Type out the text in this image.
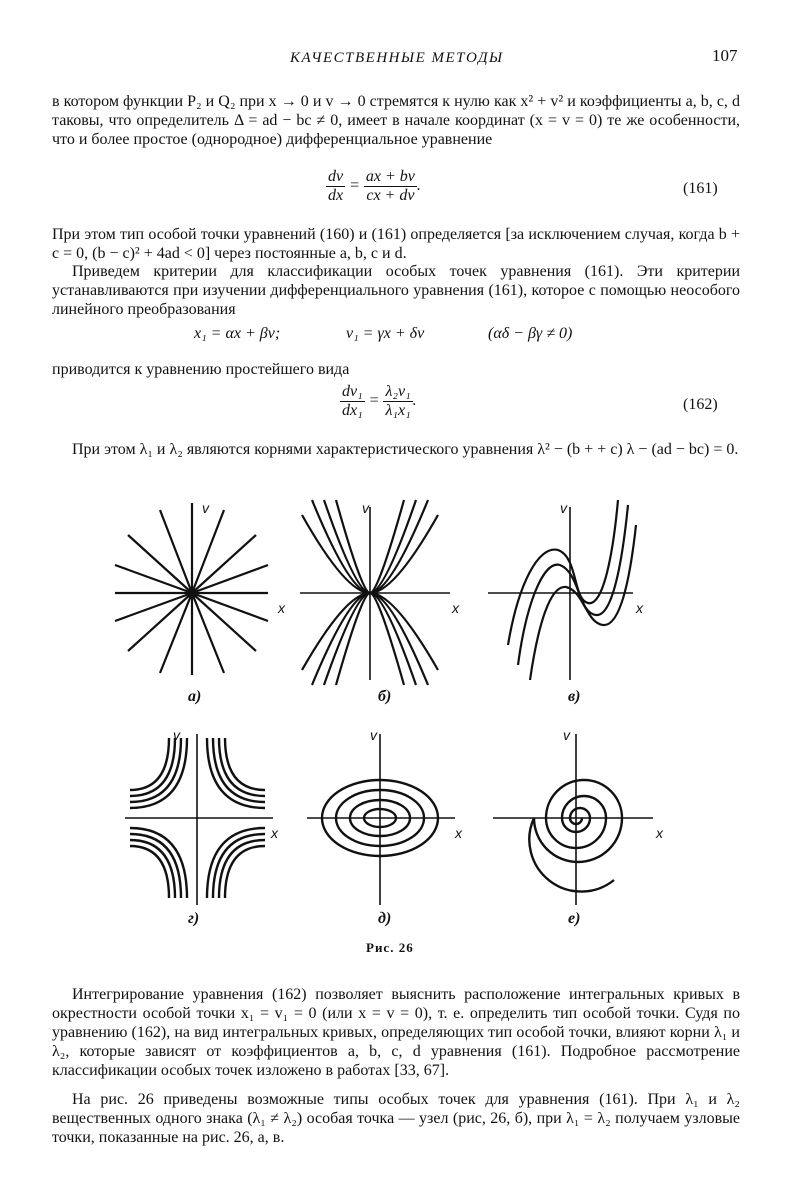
КАЧЕСТВЕННЫЕ МЕТОДЫ	107
в котором функции P₂ и Q₂ при x → 0 и v → 0 стремятся к нулю как x² + v² и коэффициенты a, b, c, d таковы, что определитель Δ = ad − bc ≠ 0, имеет в начале координат (x = v = 0) те же особенности, что и более простое (однородное) дифференциальное уравнение
$\frac{dv}{dx} = \frac{ax + bv}{cx + dv}$ .	(161)
При этом тип особой точки уравнений (160) и (161) определяется [за исключением случая, когда b + c = 0, (b − c)² + 4ad < 0] через постоянные a, b, c и d.
Приведем критерии для классификации особых точек уравнения (161). Эти критерии устанавливаются при изучении дифференциального уравнения (161), которое с помощью неособого линейного преобразования
x₁ = αx + βv;	v₁ = γx + δv	(αδ − βγ ≠ 0)
приводится к уравнению простейшего вида
$\frac{\text{dv₁}}{\text{dx₁}} = \frac{\text{λ₂v₁}}{\text{λ₁x₁}}$ .	(162)
При этом λ₁ и λ₂ являются корнями характеристического уравнения λ² − (b + + c) λ − (ad − bc) = 0.
v
x
а)
v
x
б)
v
x
в)
v
x
г)
v
x
д)
v
x
е)
Рис. 26
Интегрирование уравнения (162) позволяет выяснить расположение интегральных кривых в окрестности особой точки x₁ = v₁ = 0 (или x = v = 0), т. е. определить тип особой точки. Судя по уравнению (162), на вид интегральных кривых, определяющих тип особой точки, влияют корни λ₁ и λ₂, которые зависят от коэффициентов a, b, c, d уравнения (161). Подробное рассмотрение классификации особых точек изложено в работах [33, 67].
На рис. 26 приведены возможные типы особых точек для уравнения (161). При λ₁ и λ₂ вещественных одного знака (λ₁ ≠ λ₂) особая точка — узел (рис, 26, б), при λ₁ = λ₂ получаем узловые точки, показанные на рис. 26, а, в.
